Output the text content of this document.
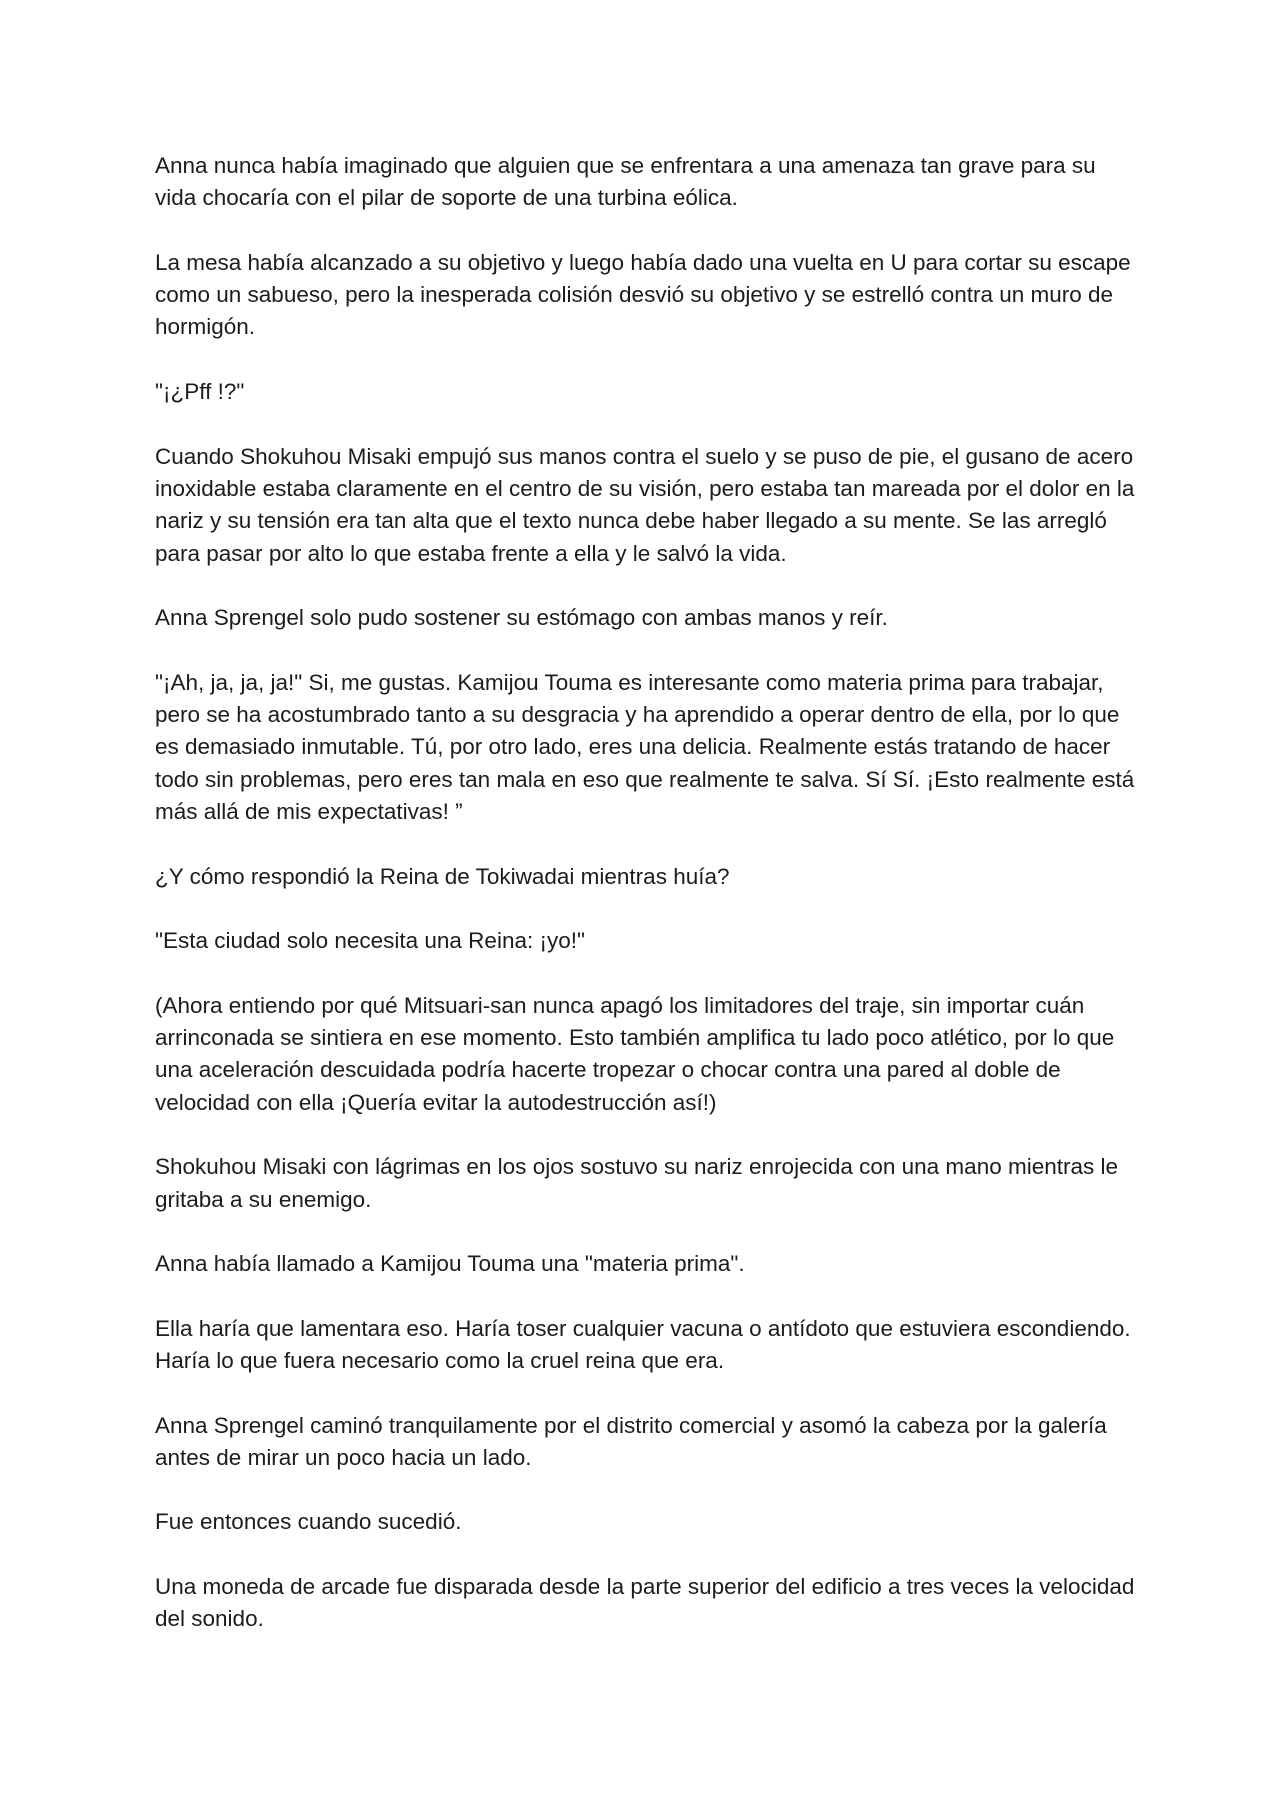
Anna nunca había imaginado que alguien que se enfrentara a una amenaza tan grave para su vida chocaría con el pilar de soporte de una turbina eólica.

La mesa había alcanzado a su objetivo y luego había dado una vuelta en U para cortar su escape como un sabueso, pero la inesperada colisión desvió su objetivo y se estrelló contra un muro de hormigón.

"¡¿Pff !?"

Cuando Shokuhou Misaki empujó sus manos contra el suelo y se puso de pie, el gusano de acero inoxidable estaba claramente en el centro de su visión, pero estaba tan mareada por el dolor en la nariz y su tensión era tan alta que el texto nunca debe haber llegado a su mente. Se las arregló para pasar por alto lo que estaba frente a ella y le salvó la vida.

Anna Sprengel solo pudo sostener su estómago con ambas manos y reír.

"¡Ah, ja, ja, ja!" Si, me gustas. Kamijou Touma es interesante como materia prima para trabajar, pero se ha acostumbrado tanto a su desgracia y ha aprendido a operar dentro de ella, por lo que es demasiado inmutable. Tú, por otro lado, eres una delicia. Realmente estás tratando de hacer todo sin problemas, pero eres tan mala en eso que realmente te salva. Sí Sí. ¡Esto realmente está más allá de mis expectativas! ”

¿Y cómo respondió la Reina de Tokiwadai mientras huía?

"Esta ciudad solo necesita una Reina: ¡yo!"

(Ahora entiendo por qué Mitsuari-san nunca apagó los limitadores del traje, sin importar cuán arrinconada se sintiera en ese momento. Esto también amplifica tu lado poco atlético, por lo que una aceleración descuidada podría hacerte tropezar o chocar contra una pared al doble de velocidad con ella ¡Quería evitar la autodestrucción así!)

Shokuhou Misaki con lágrimas en los ojos sostuvo su nariz enrojecida con una mano mientras le gritaba a su enemigo.

Anna había llamado a Kamijou Touma una "materia prima".

Ella haría que lamentara eso. Haría toser cualquier vacuna o antídoto que estuviera escondiendo. Haría lo que fuera necesario como la cruel reina que era.

Anna Sprengel caminó tranquilamente por el distrito comercial y asomó la cabeza por la galería antes de mirar un poco hacia un lado.

Fue entonces cuando sucedió.

Una moneda de arcade fue disparada desde la parte superior del edificio a tres veces la velocidad del sonido.
